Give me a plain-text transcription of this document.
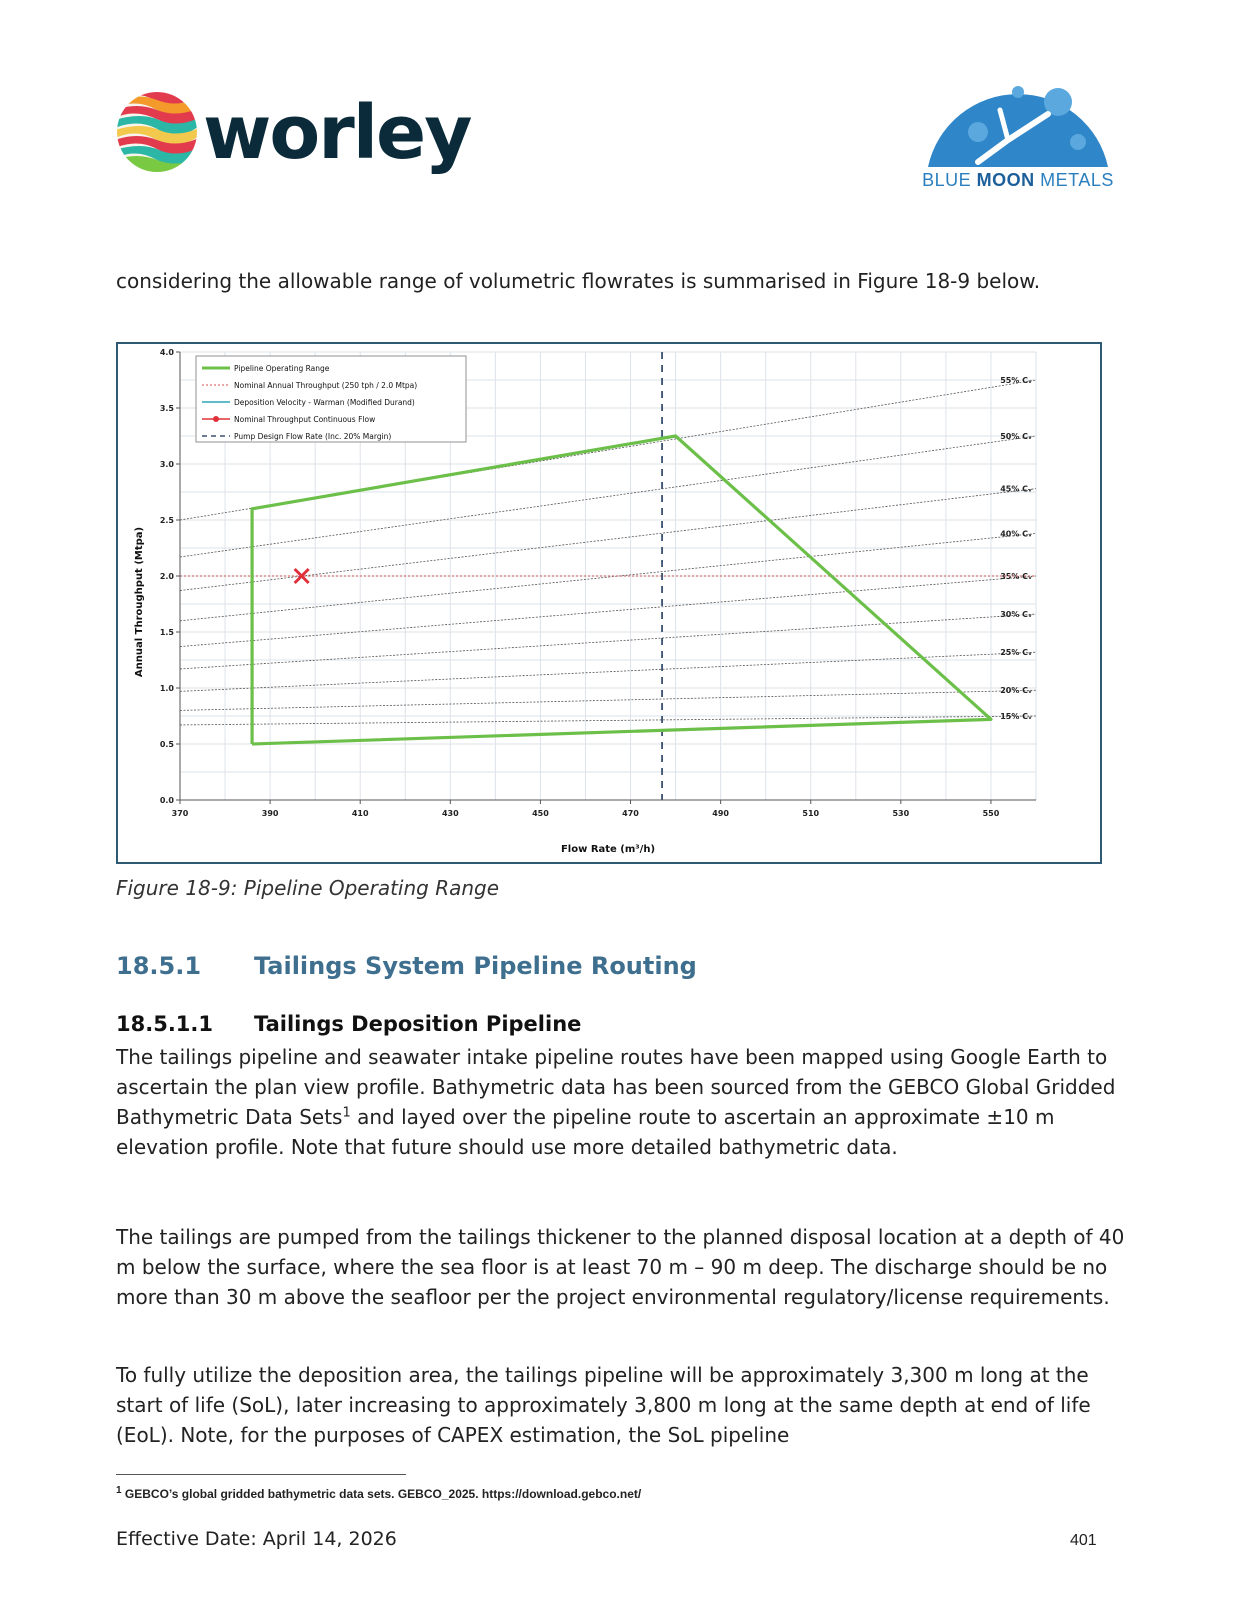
worley
BLUE MOON METALS
considering the allowable range of volumetric flowrates is summarised in Figure 18-9 below.
15% Cᵥ
20% Cᵥ
25% Cᵥ
30% Cᵥ
35% Cᵥ
40% Cᵥ
45% Cᵥ
50% Cᵥ
55% Cᵥ
370	390	410	430	450	470	490	510	530	550
0.0
0.5
1.0
1.5
2.0
2.5
3.0
3.5
4.0
Pipeline Operating Range
Nominal Annual Throughput (250 tph / 2.0 Mtpa)
Deposition Velocity - Warman (Modified Durand)
Nominal Throughput Continuous Flow
Pump Design Flow Rate (Inc. 20% Margin)
Flow Rate (m³/h)
Annual Throughput (Mtpa)
Figure 18-9: Pipeline Operating Range
18.5.1 Tailings System Pipeline Routing
18.5.1.1 Tailings Deposition Pipeline
The tailings pipeline and seawater intake pipeline routes have been mapped using Google Earth to ascertain the plan view profile. Bathymetric data has been sourced from the GEBCO Global Gridded Bathymetric Data Sets$^1$ and layed over the pipeline route to ascertain an approximate ±10 m elevation profile. Note that future should use more detailed bathymetric data.
The tailings are pumped from the tailings thickener to the planned disposal location at a depth of 40 m below the surface, where the sea floor is at least 70 m – 90 m deep. The discharge should be no more than 30 m above the seafloor per the project environmental regulatory/license requirements.
To fully utilize the deposition area, the tailings pipeline will be approximately 3,300 m long at the start of life (SoL), later increasing to approximately 3,800 m long at the same depth at end of life (EoL). Note, for the purposes of CAPEX estimation, the SoL pipeline
$^1$ GEBCO’s global gridded bathymetric data sets. GEBCO_2025. https://download.gebco.net/
Effective Date: April 14, 2026	401
